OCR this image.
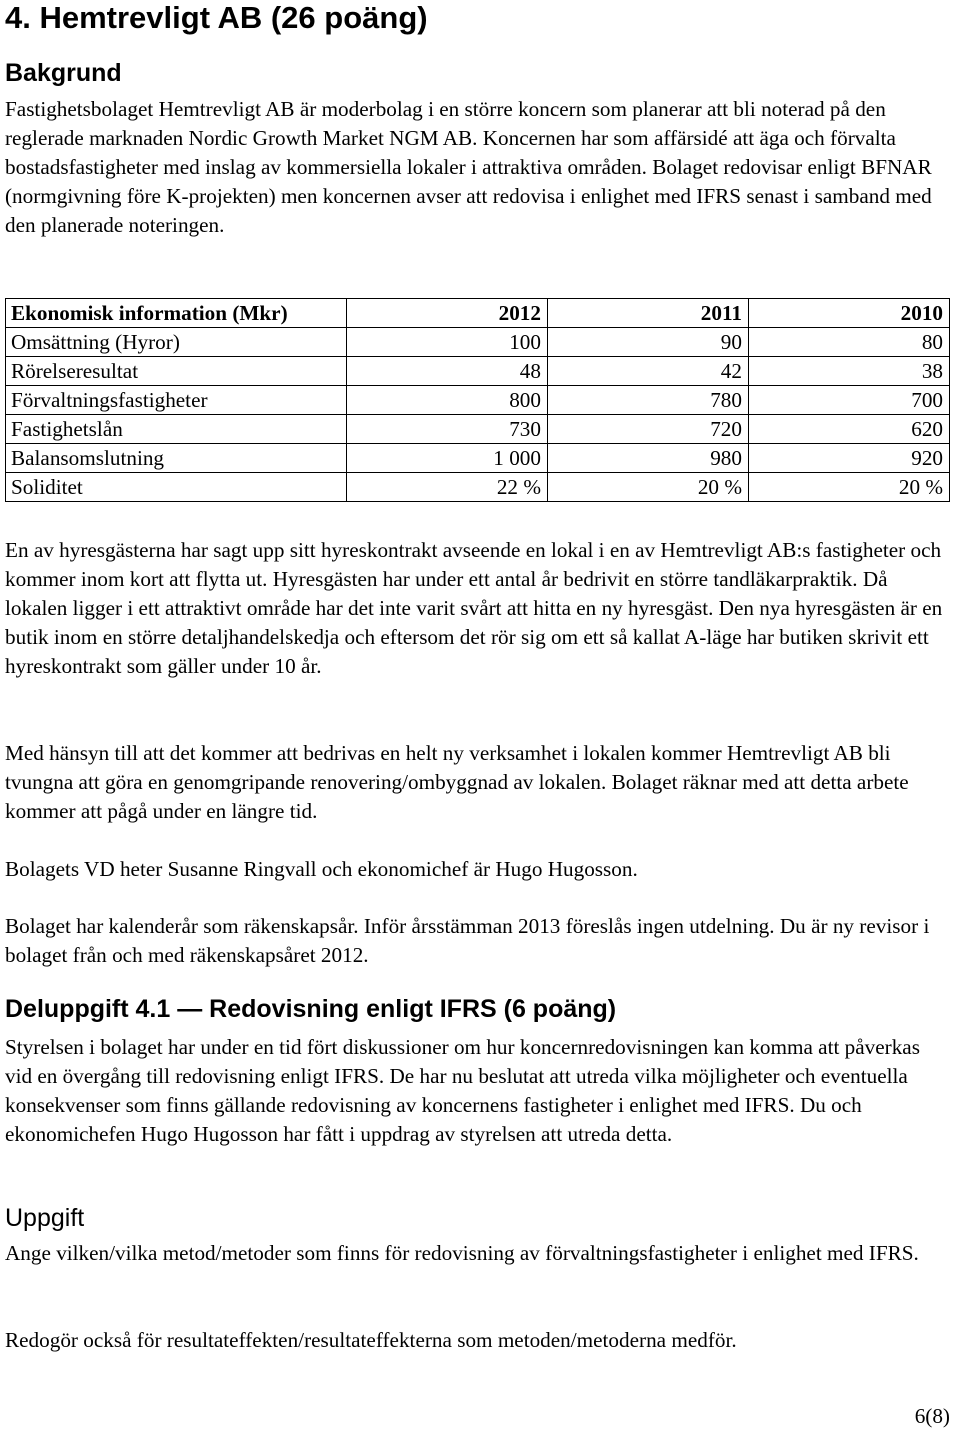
4. Hemtrevligt AB (26 poäng)
Bakgrund

Fastighetsbolaget Hemtrevligt AB är moderbolag i en större koncern som planerar att bli noterad på den reglerade marknaden Nordic Growth Market NGM AB. Koncernen har som affärsidé att äga och förvalta bostadsfastigheter med inslag av kommersiella lokaler i attraktiva områden. Bolaget redovisar enligt BFNAR (normgivning före K-projekten) men koncernen avser att redovisa i enlighet med IFRS senast i samband med den planerade noteringen.

En av hyresgästerna har sagt upp sitt hyreskontrakt avseende en lokal i en av Hemtrevligt AB:s fastigheter och kommer inom kort att flytta ut. Hyresgästen har under ett antal år bedrivit en större tandläkarpraktik. Då lokalen ligger i ett attraktivt område har det inte varit svårt att hitta en ny hyresgäst. Den nya hyresgästen är en butik inom en större detaljhandelskedja och eftersom det rör sig om ett så kallat A-läge har butiken skrivit ett hyreskontrakt som gäller under 10 år.

Med hänsyn till att det kommer att bedrivas en helt ny verksamhet i lokalen kommer Hemtrevligt AB bli tvungna att göra en genomgripande renovering/ombyggnad av lokalen. Bolaget räknar med att detta arbete kommer att pågå under en längre tid.

Bolagets VD heter Susanne Ringvall och ekonomichef är Hugo Hugosson.

Bolaget har kalenderår som räkenskapsår. Inför årsstämman 2013 föreslås ingen utdelning. Du är ny revisor i bolaget från och med räkenskapsåret 2012.

Deluppgift 4.1 — Redovisning enligt IFRS (6 poäng)

Styrelsen i bolaget har under en tid fört diskussioner om hur koncernredovisningen kan komma att påverkas vid en övergång till redovisning enligt IFRS. De har nu beslutat att utreda vilka möjligheter och eventuella konsekvenser som finns gällande redovisning av koncernens fastigheter i enlighet med IFRS. Du och ekonomichefen Hugo Hugosson har fått i uppdrag av styrelsen att utreda detta.

Uppgift

Ange vilken/vilka metod/metoder som finns för redovisning av förvaltningsfastigheter i enlighet med IFRS.

Redogör också för resultateffekten/resultateffekterna som metoden/metoderna medför.

Ekonomisk information (Mkr)	2012	2011	2010
Omsättning (Hyror)	100	90	80
Rörelseresultat	48	42	38
Förvaltningsfastigheter	800	780	700
Fastighetslån	730	720	620
Balansomslutning	1 000	980	920
Soliditet	22 %	20 %	20 %
6(8)
